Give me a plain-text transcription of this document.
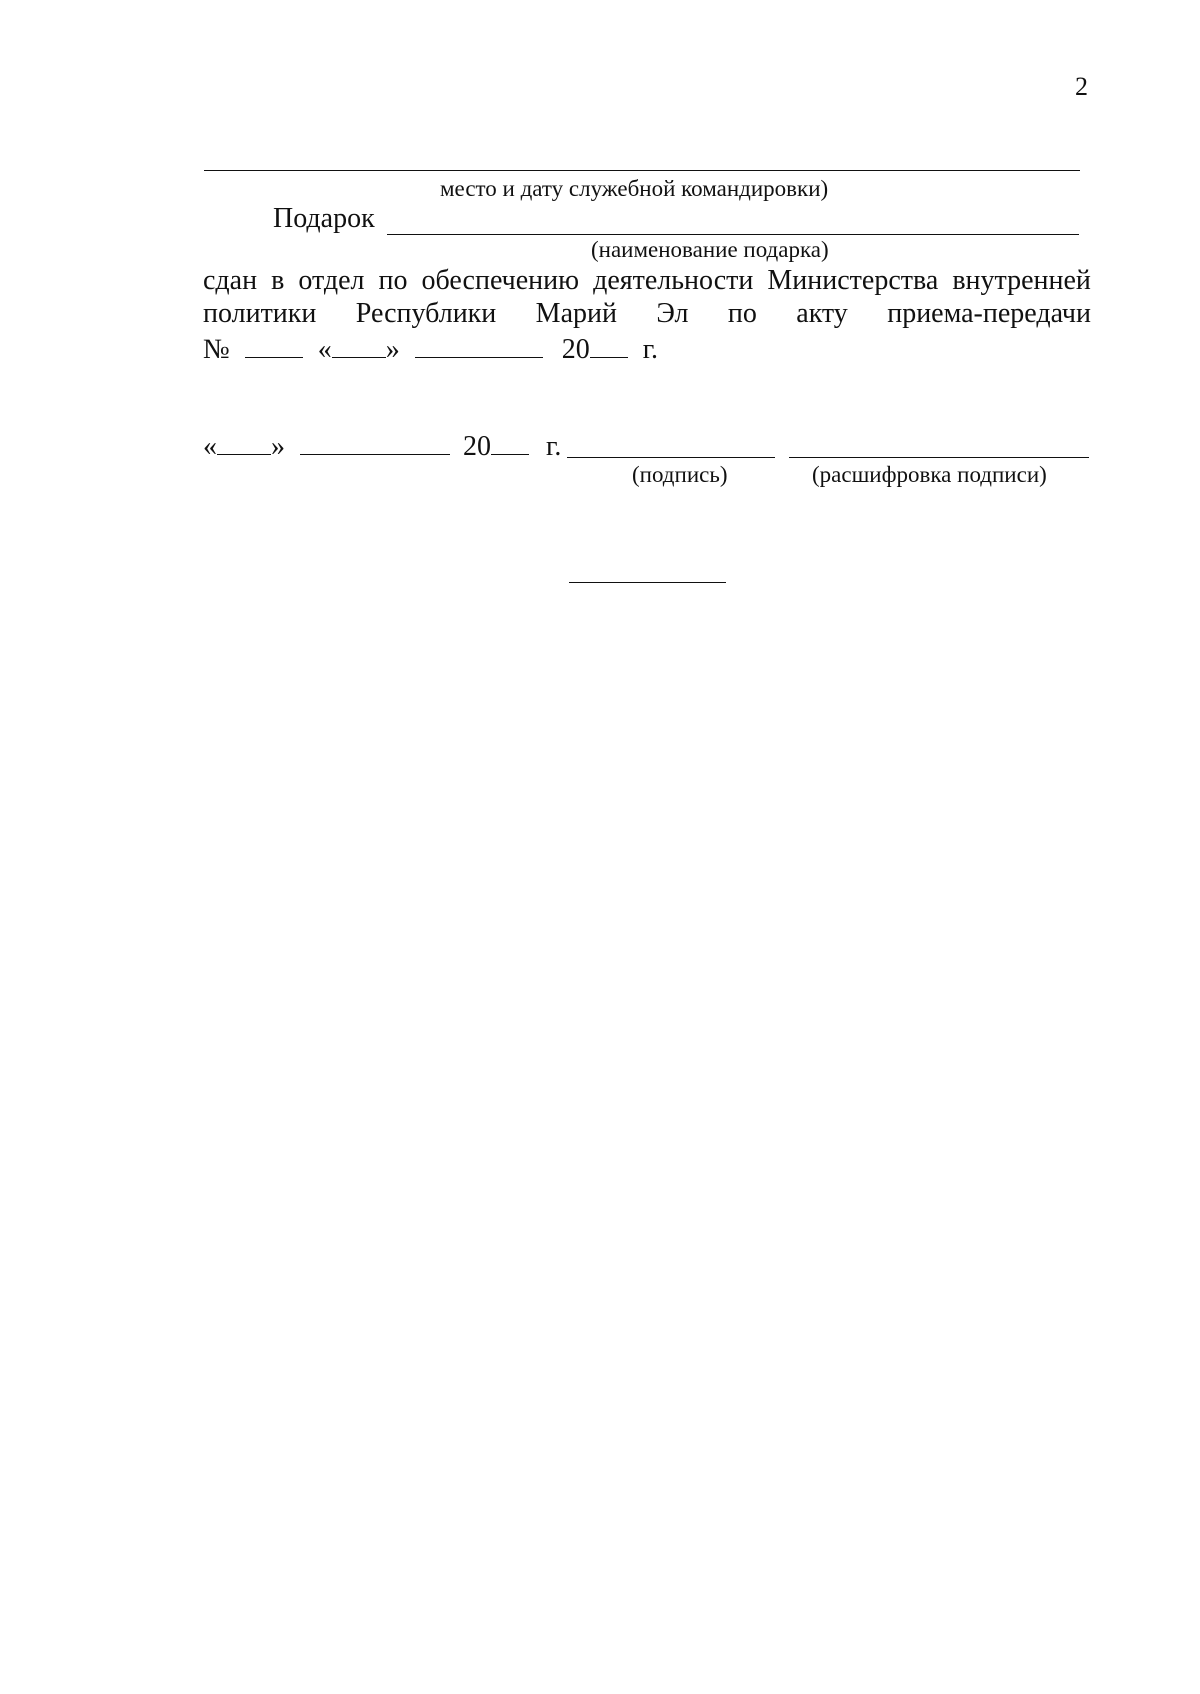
2
место и дату служебной командировки)
Подарок
(наименование подарка)
сдан в отдел по обеспечению деятельности Министерства внутренней
политики Республики Марий Эл по акту приема-передачи
№	« »	20 г.
« »	20 г.
(подпись)	(расшифровка подписи)
